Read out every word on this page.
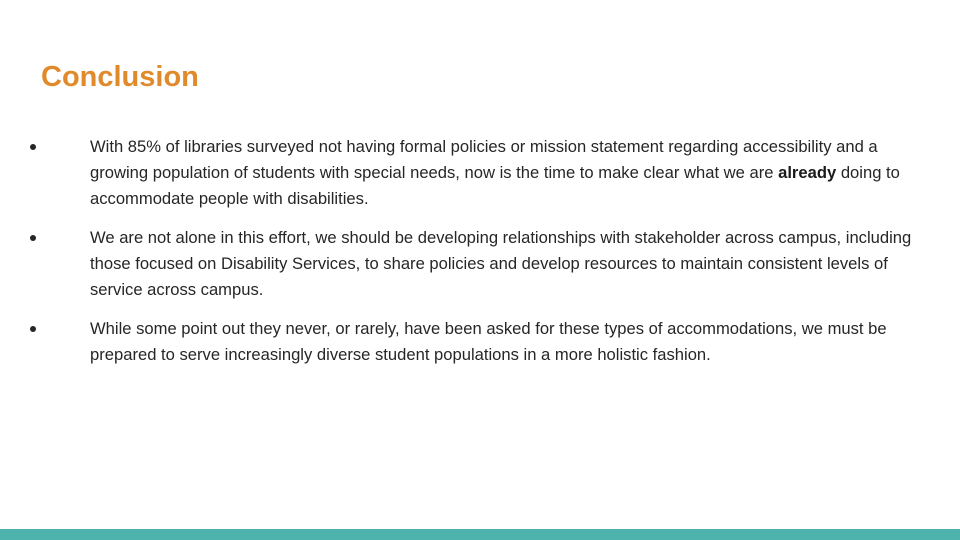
Conclusion
With 85% of libraries surveyed not having formal policies or mission statement regarding accessibility and a growing population of students with special needs, now is the time to make clear what we are already doing to accommodate people with disabilities.
We are not alone in this effort, we should be developing relationships with stakeholder across campus, including those focused on Disability Services, to share policies and develop resources to maintain consistent levels of service across campus.
While some point out they never, or rarely, have been asked for these types of accommodations, we must be prepared to serve increasingly diverse student populations in a more holistic fashion.
